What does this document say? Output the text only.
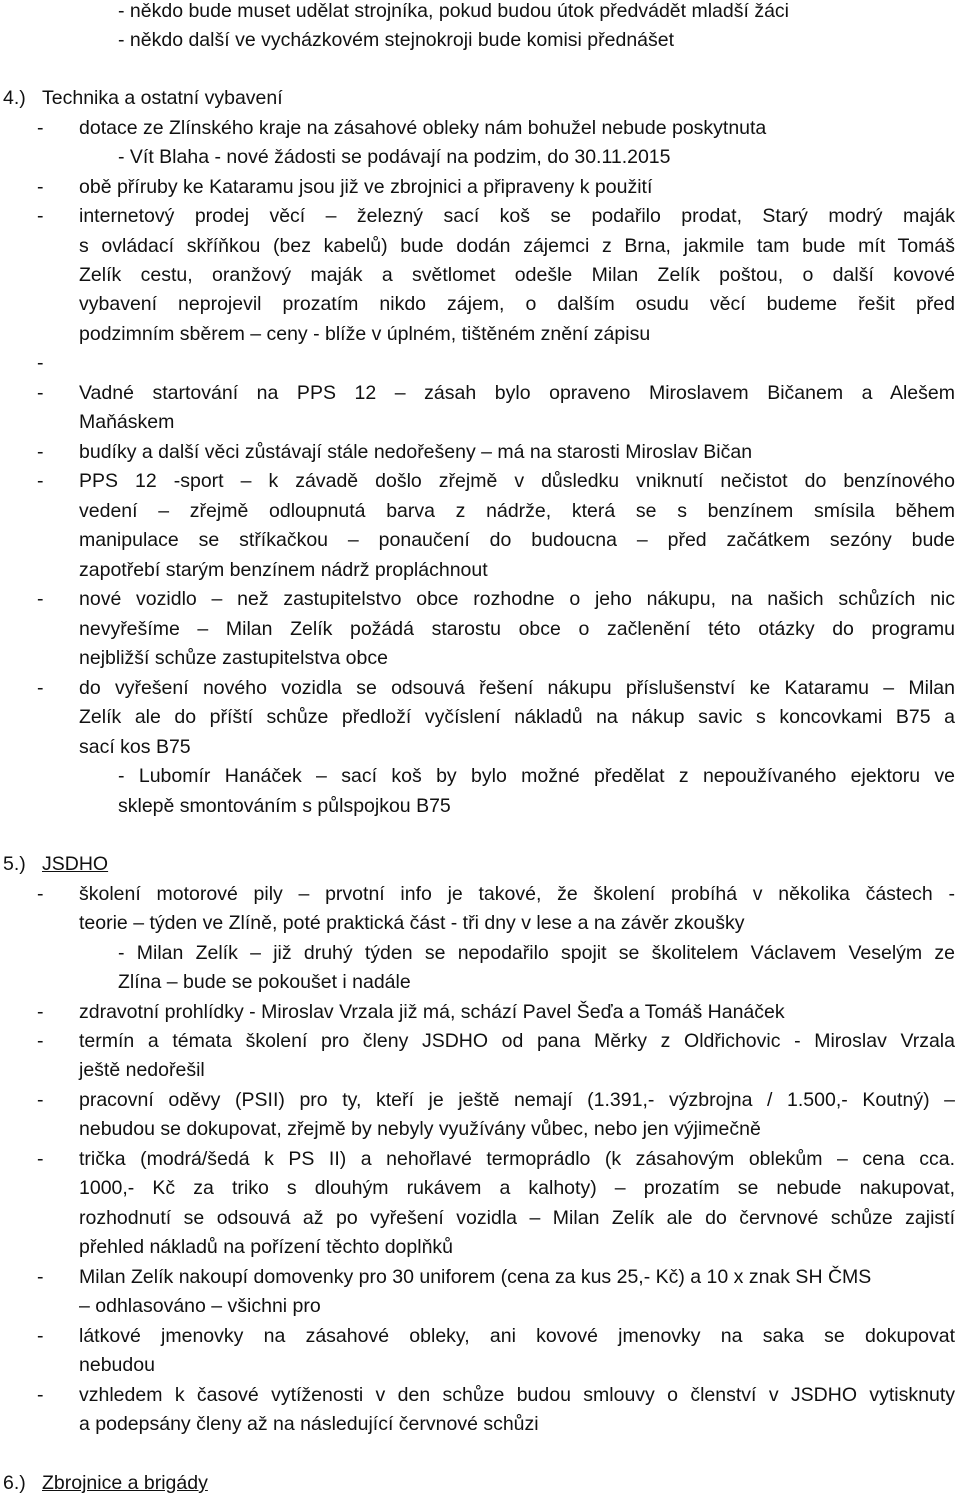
- někdo bude muset udělat strojníka, pokud budou útok předvádět mladší žáci
- někdo další ve vycházkovém stejnokroji bude komisi přednášet
4.) Technika a ostatní vybavení
- dotace ze Zlínského kraje na zásahové obleky nám bohužel nebude poskytnuta
- Vít Blaha - nové žádosti se podávají na podzim, do 30.11.2015
- obě příruby ke Kataramu jsou již ve zbrojnici a připraveny k použití
- internetový prodej věcí – železný sací koš se podařilo prodat, Starý modrý maják
s ovládací skříňkou (bez kabelů) bude dodán zájemci z Brna, jakmile tam bude mít Tomáš
Zelík cestu, oranžový maják a světlomet odešle Milan Zelík poštou, o další kovové
vybavení neprojevil prozatím nikdo zájem, o dalším osudu věcí budeme řešit před
podzimním sběrem – ceny - blíže v úplném, tištěném znění zápisu
-
- Vadné startování na PPS 12 – zásah bylo opraveno Miroslavem Bičanem a Alešem
Maňáskem
- budíky a další věci zůstávají stále nedořešeny – má na starosti Miroslav Bičan
- PPS 12 -sport – k závadě došlo zřejmě v důsledku vniknutí nečistot do benzínového
vedení – zřejmě odloupnutá barva z nádrže, která se s benzínem smísila během
manipulace se stříkačkou – ponaučení do budoucna – před začátkem sezóny bude
zapotřebí starým benzínem nádrž propláchnout
- nové vozidlo – než zastupitelstvo obce rozhodne o jeho nákupu, na našich schůzích nic
nevyřešíme – Milan Zelík požádá starostu obce o začlenění této otázky do programu
nejbližší schůze zastupitelstva obce
- do vyřešení nového vozidla se odsouvá řešení nákupu příslušenství ke Kataramu – Milan
Zelík ale do příští schůze předloží vyčíslení nákladů na nákup savic s koncovkami B75 a
sací kos B75
- Lubomír Hanáček – sací koš by bylo možné předělat z nepoužívaného ejektoru ve
sklepě smontováním s půlspojkou B75
5.) JSDHO
- školení motorové pily – prvotní info je takové, že školení probíhá v několika částech -
teorie – týden ve Zlíně, poté praktická část - tři dny v lese a na závěr zkoušky
- Milan Zelík – již druhý týden se nepodařilo spojit se školitelem Václavem Veselým ze
Zlína – bude se pokoušet i nadále
- zdravotní prohlídky - Miroslav Vrzala již má, schází Pavel Šeďa a Tomáš Hanáček
- termín a témata školení pro členy JSDHO od pana Měrky z Oldřichovic - Miroslav Vrzala
ještě nedořešil
- pracovní oděvy (PSII) pro ty, kteří je ještě nemají (1.391,- výzbrojna / 1.500,- Koutný) –
nebudou se dokupovat, zřejmě by nebyly využívány vůbec, nebo jen výjimečně
- trička (modrá/šedá k PS II) a nehořlavé termoprádlo (k zásahovým oblekům – cena cca.
1000,- Kč za triko s dlouhým rukávem a kalhoty) – prozatím se nebude nakupovat,
rozhodnutí se odsouvá až po vyřešení vozidla – Milan Zelík ale do červnové schůze zajistí
přehled nákladů na pořízení těchto doplňků
- Milan Zelík nakoupí domovenky pro 30 uniforem (cena za kus 25,- Kč) a 10 x znak SH ČMS
– odhlasováno – všichni pro
- látkové jmenovky na zásahové obleky, ani kovové jmenovky na saka se dokupovat
nebudou
- vzhledem k časové vytíženosti v den schůze budou smlouvy o členství v JSDHO vytisknuty
a podepsány členy až na následující červnové schůzi
6.) Zbrojnice a brigády
